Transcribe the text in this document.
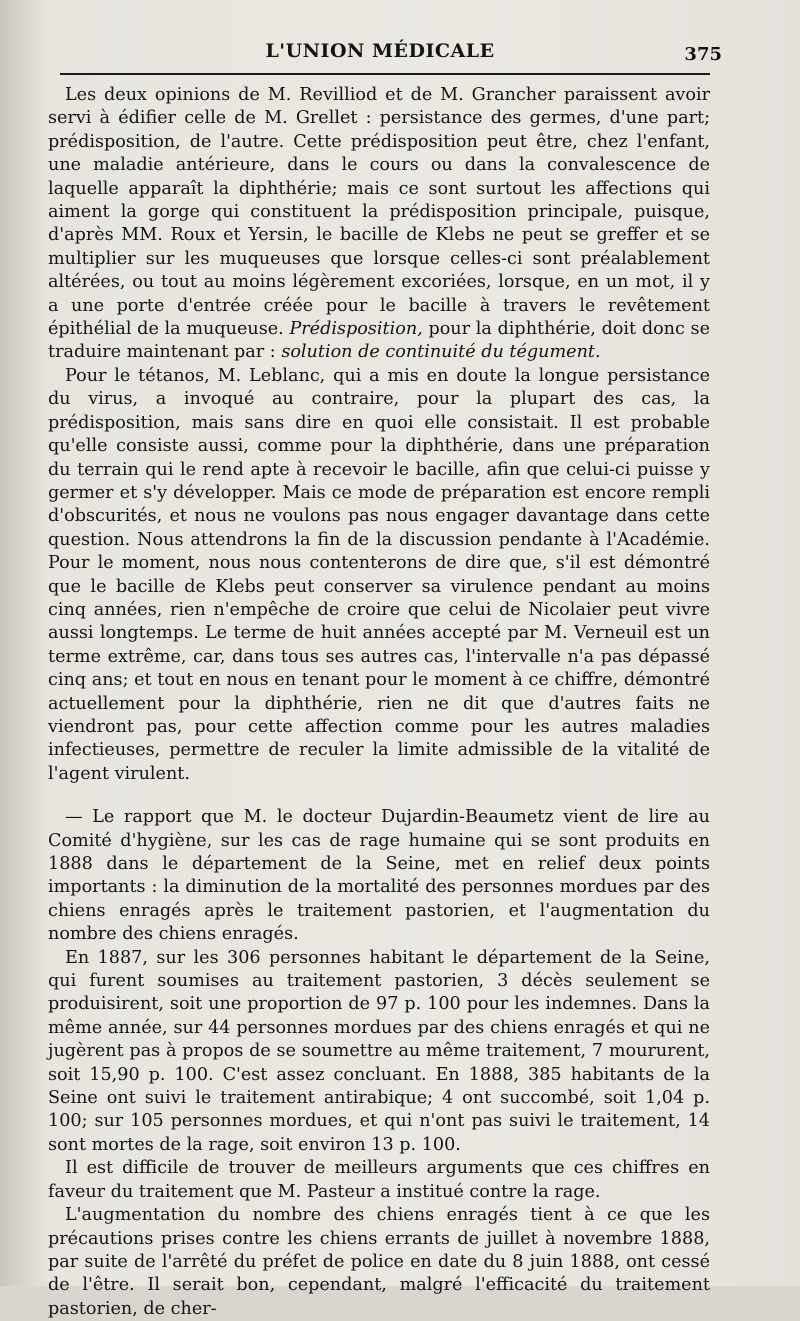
L'UNION MÉDICALE	375

Les deux opinions de M. Revilliod et de M. Grancher paraissent avoir servi à édifier celle de M. Grellet : persistance des germes, d'une part; prédisposition, de l'autre. Cette prédisposition peut être, chez l'enfant, une maladie antérieure, dans le cours ou dans la convalescence de laquelle apparaît la diphthérie; mais ce sont surtout les affections qui aiment la gorge qui constituent la prédisposition principale, puisque, d'après MM. Roux et Yersin, le bacille de Klebs ne peut se greffer et se multiplier sur les muqueuses que lorsque celles-ci sont préalablement altérées, ou tout au moins légèrement excoriées, lorsque, en un mot, il y a une porte d'entrée créée pour le bacille à travers le revêtement épithélial de la muqueuse. Prédisposition, pour la diphthérie, doit donc se traduire maintenant par : solution de continuité du tégument.

Pour le tétanos, M. Leblanc, qui a mis en doute la longue persistance du virus, a invoqué au contraire, pour la plupart des cas, la prédisposition, mais sans dire en quoi elle consistait. Il est probable qu'elle consiste aussi, comme pour la diphthérie, dans une préparation du terrain qui le rend apte à recevoir le bacille, afin que celui-ci puisse y germer et s'y développer. Mais ce mode de préparation est encore rempli d'obscurités, et nous ne voulons pas nous engager davantage dans cette question. Nous attendrons la fin de la discussion pendante à l'Académie. Pour le moment, nous nous contenterons de dire que, s'il est démontré que le bacille de Klebs peut conserver sa virulence pendant au moins cinq années, rien n'empêche de croire que celui de Nicolaier peut vivre aussi longtemps. Le terme de huit années accepté par M. Verneuil est un terme extrême, car, dans tous ses autres cas, l'intervalle n'a pas dépassé cinq ans; et tout en nous en tenant pour le moment à ce chiffre, démontré actuellement pour la diphthérie, rien ne dit que d'autres faits ne viendront pas, pour cette affection comme pour les autres maladies infectieuses, permettre de reculer la limite admissible de la vitalité de l'agent virulent.

— Le rapport que M. le docteur Dujardin-Beaumetz vient de lire au Comité d'hygiène, sur les cas de rage humaine qui se sont produits en 1888 dans le département de la Seine, met en relief deux points importants : la diminution de la mortalité des personnes mordues par des chiens enragés après le traitement pastorien, et l'augmentation du nombre des chiens enragés.

En 1887, sur les 306 personnes habitant le département de la Seine, qui furent soumises au traitement pastorien, 3 décès seulement se produisirent, soit une proportion de 97 p. 100 pour les indemnes. Dans la même année, sur 44 personnes mordues par des chiens enragés et qui ne jugèrent pas à propos de se soumettre au même traitement, 7 moururent, soit 15,90 p. 100. C'est assez concluant. En 1888, 385 habitants de la Seine ont suivi le traitement antirabique; 4 ont succombé, soit 1,04 p. 100; sur 105 personnes mordues, et qui n'ont pas suivi le traitement, 14 sont mortes de la rage, soit environ 13 p. 100.

Il est difficile de trouver de meilleurs arguments que ces chiffres en faveur du traitement que M. Pasteur a institué contre la rage.

L'augmentation du nombre des chiens enragés tient à ce que les précautions prises contre les chiens errants de juillet à novembre 1888, par suite de l'arrêté du préfet de police en date du 8 juin 1888, ont cessé de l'être. Il serait bon, cependant, malgré l'efficacité du traitement pastorien, de cher-
